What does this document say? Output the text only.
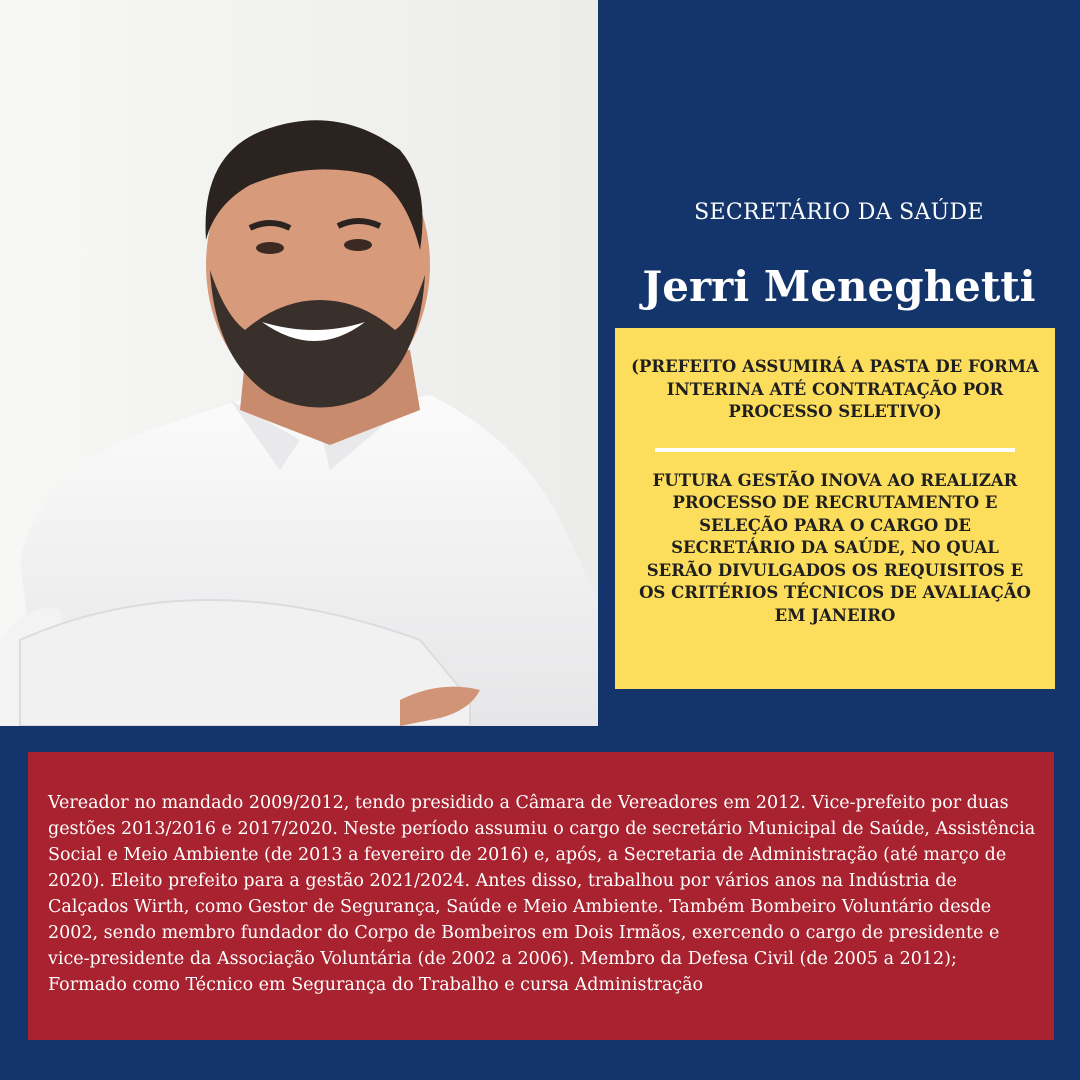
SECRETÁRIO DA SAÚDE
Jerri Meneghetti
(PREFEITO ASSUMIRÁ A PASTA DE FORMA INTERINA ATÉ CONTRATAÇÃO POR PROCESSO SELETIVO)
FUTURA GESTÃO INOVA AO REALIZAR PROCESSO DE RECRUTAMENTO E SELEÇÃO PARA O CARGO DE SECRETÁRIO DA SAÚDE, NO QUAL SERÃO DIVULGADOS OS REQUISITOS E OS CRITÉRIOS TÉCNICOS DE AVALIAÇÃO EM JANEIRO
Vereador no mandado 2009/2012, tendo presidido a Câmara de Vereadores em 2012. Vice-prefeito por duas gestões 2013/2016 e 2017/2020. Neste período assumiu o cargo de secretário Municipal de Saúde, Assistência Social e Meio Ambiente (de 2013 a fevereiro de 2016) e, após, a Secretaria de Administração (até março de 2020). Eleito prefeito para a gestão 2021/2024. Antes disso, trabalhou por vários anos na Indústria de Calçados Wirth, como Gestor de Segurança, Saúde e Meio Ambiente. Também Bombeiro Voluntário desde 2002, sendo membro fundador do Corpo de Bombeiros em Dois Irmãos, exercendo o cargo de presidente e vice-presidente da Associação Voluntária (de 2002 a 2006). Membro da Defesa Civil (de 2005 a 2012); Formado como Técnico em Segurança do Trabalho e cursa Administração
